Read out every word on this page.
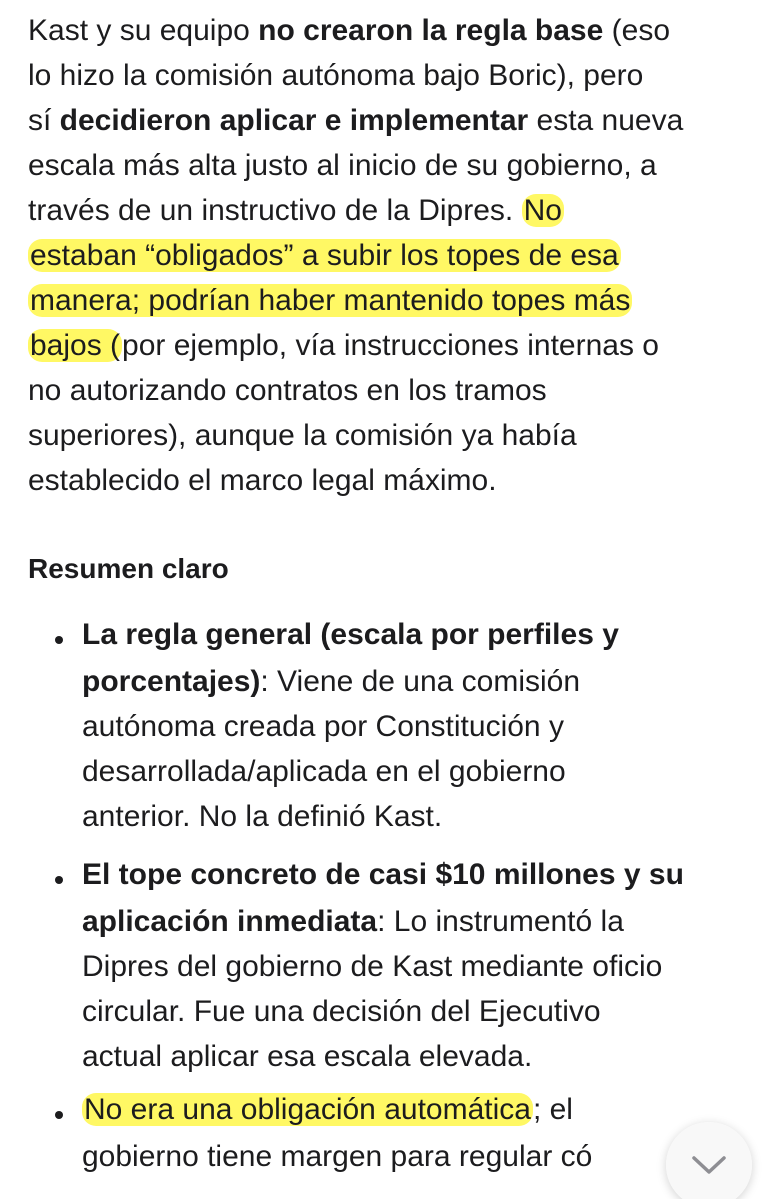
Kast y su equipo no crearon la regla base (eso
lo hizo la comisión autónoma bajo Boric), pero
sí decidieron aplicar e implementar esta nueva
escala más alta justo al inicio de su gobierno, a
través de un instructivo de la Dipres. No
estaban “obligados” a subir los topes de esa
manera; podrían haber mantenido topes más
bajos (por ejemplo, vía instrucciones internas o
no autorizando contratos en los tramos
superiores), aunque la comisión ya había
establecido el marco legal máximo.
Resumen claro
La regla general (escala por perfiles y
porcentajes): Viene de una comisión
autónoma creada por Constitución y
desarrollada/aplicada en el gobierno
anterior. No la definió Kast.
El tope concreto de casi $10 millones y su
aplicación inmediata: Lo instrumentó la
Dipres del gobierno de Kast mediante oficio
circular. Fue una decisión del Ejecutivo
actual aplicar esa escala elevada.
No era una obligación automática; el
gobierno tiene margen para regular có
